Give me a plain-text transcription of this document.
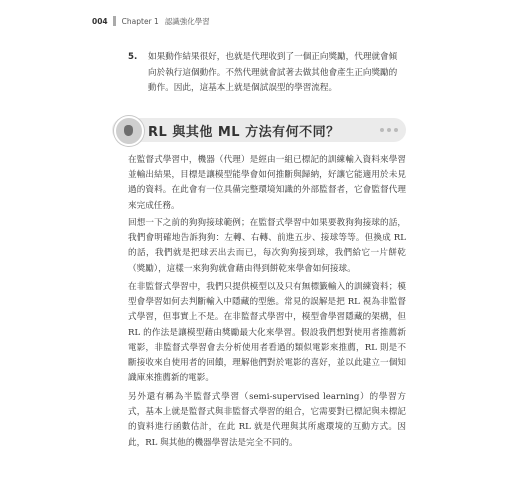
004 Chapter 1 認識強化學習
5. 如果動作結果很好，也就是代理收到了一個正向獎勵，代理就會傾向於執行這個動作。不然代理就會試著去做其他會產生正向獎勵的動作。因此，這基本上就是個試誤型的學習流程。
RL 與其他 ML 方法有何不同？
在監督式學習中，機器（代理）是經由一組已標記的訓練輸入資料來學習並輸出結果，目標是讓模型能學會如何推斷與歸納，好讓它能適用於未見過的資料。在此會有一位具備完整環境知識的外部監督者，它會監督代理來完成任務。
回想一下之前的狗狗接球範例；在監督式學習中如果要教狗狗接球的話，我們會明確地告訴狗狗：左轉、右轉、前進五步、接球等等。但換成 RL 的話，我們就是把球丟出去而已，每次狗狗接到球，我們給它一片餅乾（獎勵），這樣一來狗狗就會藉由得到餅乾來學會如何接球。
在非監督式學習中，我們只提供模型以及只有無標籤輸入的訓練資料；模型會學習如何去判斷輸入中隱藏的型態。常見的誤解是把 RL 視為非監督式學習，但事實上不是。在非監督式學習中，模型會學習隱藏的架構，但 RL 的作法是讓模型藉由獎勵最大化來學習。假設我們想對使用者推薦新電影，非監督式學習會去分析使用者看過的類似電影來推薦，RL 則是不斷接收來自使用者的回饋，理解他們對於電影的喜好，並以此建立一個知識庫來推薦新的電影。
另外還有稱為半監督式學習（semi-supervised learning）的學習方式，基本上就是監督式與非監督式學習的組合，它需要對已標記與未標記的資料進行函數估計，在此 RL 就是代理與其所處環境的互動方式。因此，RL 與其他的機器學習法是完全不同的。
